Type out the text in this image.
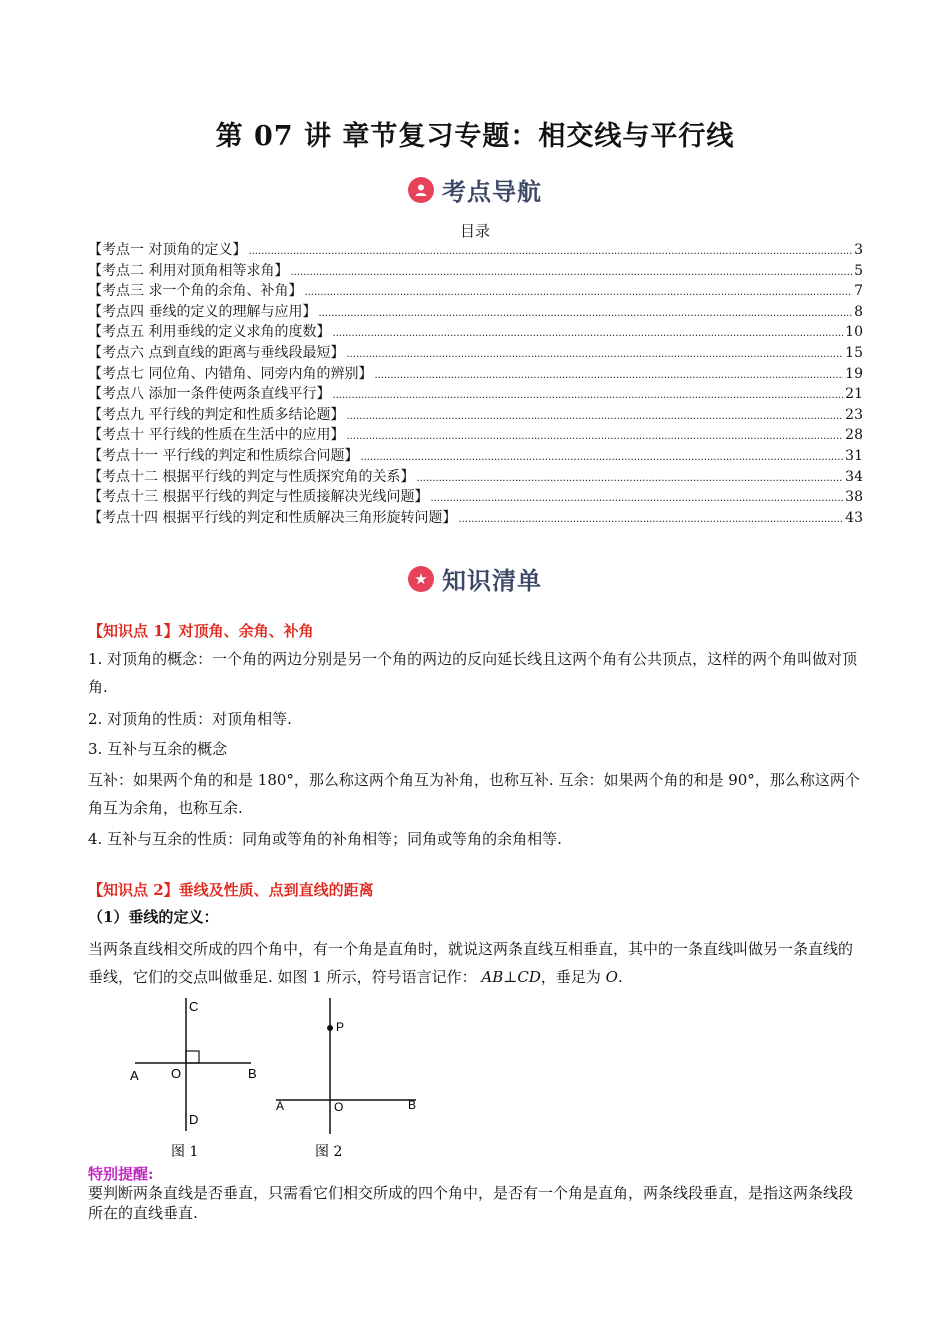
第 07 讲 章节复习专题：相交线与平行线
考点导航
目录
【考点一 对顶角的定义】 .....	3
【考点二 利用对顶角相等求角】 .....	5
【考点三 求一个角的余角、补角】 .....	7
【考点四 垂线的定义的理解与应用】 .....	8
【考点五 利用垂线的定义求角的度数】 .....	10
【考点六 点到直线的距离与垂线段最短】 .....	15
【考点七 同位角、内错角、同旁内角的辨别】 .....	19
【考点八 添加一条件使两条直线平行】 .....	21
【考点九 平行线的判定和性质多结论题】 .....	23
【考点十 平行线的性质在生活中的应用】 .....	28
【考点十一 平行线的判定和性质综合问题】 .....	31
【考点十二 根据平行线的判定与性质探究角的关系】 .....	34
【考点十三 根据平行线的判定与性质接解决光线问题】 .....	38
【考点十四 根据平行线的判定和性质解决三角形旋转问题】 .....	43
★ 知识清单
【知识点 1】对顶角、余角、补角
1. 对顶角的概念：一个角的两边分别是另一个角的两边的反向延长线且这两个角有公共顶点，这样的两个角叫做对顶角.
2. 对顶角的性质：对顶角相等.
3. 互补与互余的概念
互补：如果两个角的和是 180°，那么称这两个角互为补角，也称互补. 互余：如果两个角的和是 90°，那么称这两个角互为余角，也称互余.
4. 互补与互余的性质：同角或等角的补角相等；同角或等角的余角相等.
【知识点 2】垂线及性质、点到直线的距离
（1）垂线的定义：
当两条直线相交所成的四个角中，有一个角是直角时，就说这两条直线互相垂直，其中的一条直线叫做另一条直线的垂线，它们的交点叫做垂足. 如图 1 所示，符号语言记作： AB⊥CD，垂足为 O.
C
A O	B
D
图 1
P
A	O	B
图 2
特别提醒:
要判断两条直线是否垂直，只需看它们相交所成的四个角中，是否有一个角是直角，两条线段垂直，是指这两条线段所在的直线垂直.
